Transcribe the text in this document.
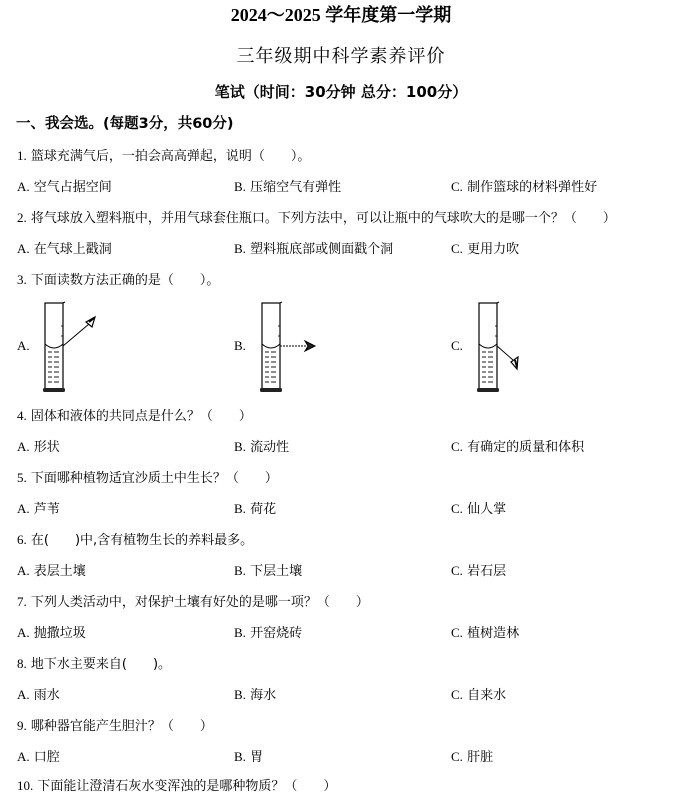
2024～2025 学年度第一学期
三年级期中科学素养评价
笔试（时间：30分钟 总分：100分）
一、我会选。(每题3分，共60分)
1. 篮球充满气后，一拍会高高弹起，说明（　　）。
A. 空气占据空间	B. 压缩空气有弹性	C. 制作篮球的材料弹性好
2. 将气球放入塑料瓶中，并用气球套住瓶口。下列方法中，可以让瓶中的气球吹大的是哪一个？（　　）
A. 在气球上戳洞	B. 塑料瓶底部或侧面戳个洞	C. 更用力吹
3. 下面读数方法正确的是（　　）。
A.	B.	C.
4. 固体和液体的共同点是什么？（　　）
A. 形状	B. 流动性	C. 有确定的质量和体积
5. 下面哪种植物适宜沙质土中生长？（　　）
A. 芦苇	B. 荷花	C. 仙人掌
6. 在(　　)中,含有植物生长的养料最多。
A. 表层土壤	B. 下层土壤	C. 岩石层
7. 下列人类活动中，对保护土壤有好处的是哪一项？（　　）
A. 抛撒垃圾	B. 开窑烧砖	C. 植树造林
8. 地下水主要来自(　　)。
A. 雨水	B. 海水	C. 自来水
9. 哪种器官能产生胆汁？（　　）
A. 口腔	B. 胃	C. 肝脏
10. 下面能让澄清石灰水变浑浊的是哪种物质？（　　）
